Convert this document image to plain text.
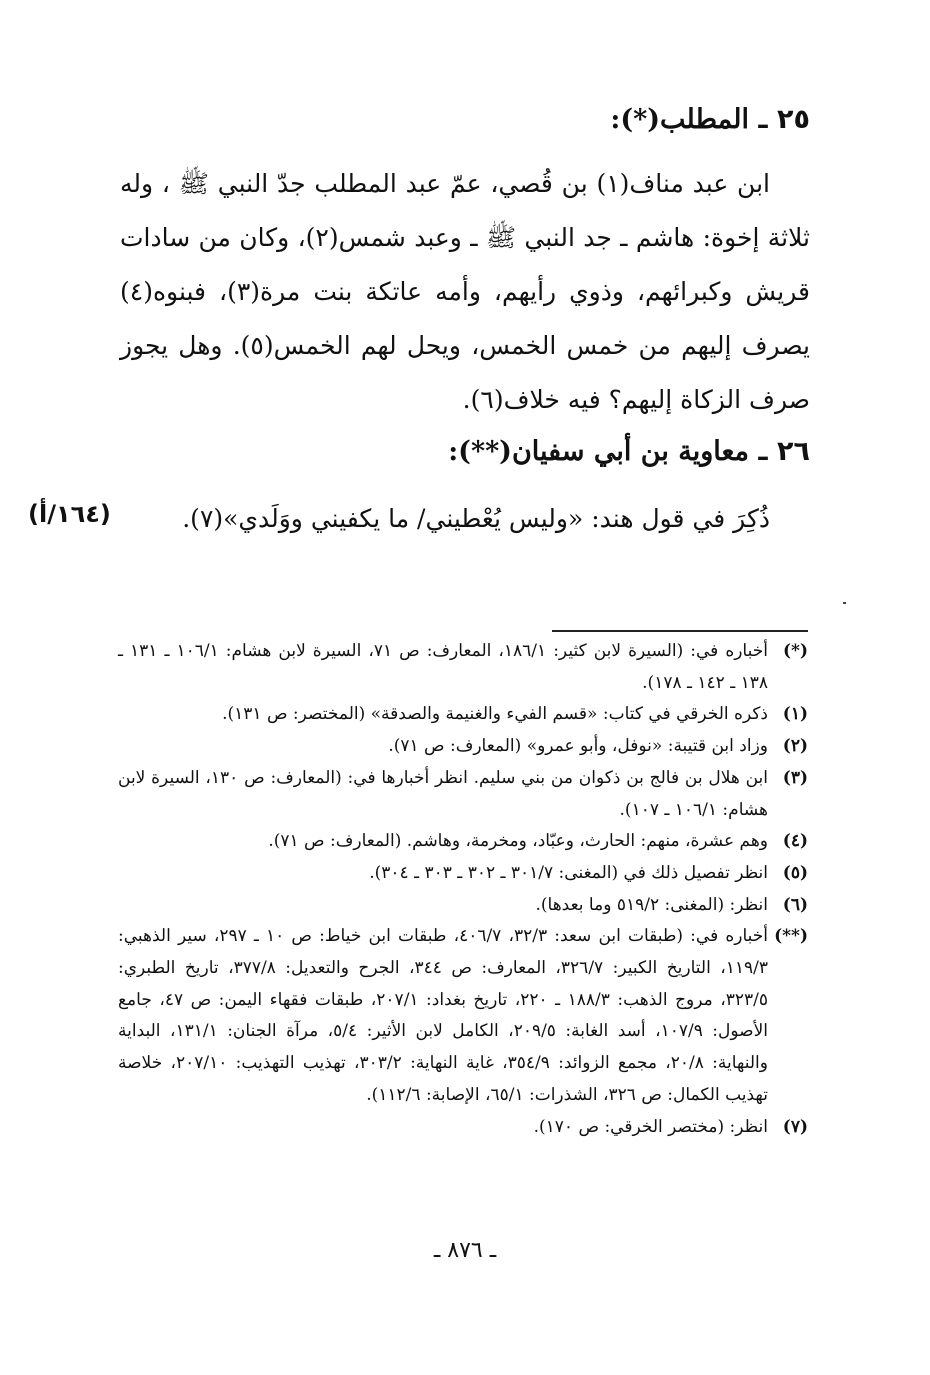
٢٥ ـ المطلب(*):

ابن عبد مناف(١) بن قُصي، عمّ عبد المطلب جدّ النبي ﷺ ، وله ثلاثة إخوة: هاشم ـ جد النبي ﷺ ـ وعبد شمس(٢)، وكان من سادات قريش وكبرائهم، وذوي رأيهم، وأمه عاتكة بنت مرة(٣)، فبنوه(٤) يصرف إليهم من خمس الخمس، ويحل لهم الخمس(٥). وهل يجوز صرف الزكاة إليهم؟ فيه خلاف(٦).

٢٦ ـ معاوية بن أبي سفيان(**):

ذُكِرَ في قول هند: «وليس يُعْطيني/ ما يكفيني ووَلَدي»(٧).

(١٦٤/أ)
(*)
أخباره في: (السيرة لابن كثير: ١٨٦/١، المعارف: ص ٧١، السيرة لابن هشام: ١٠٦/١ ـ ١٣١ ـ ١٣٨ ـ ١٤٢ ـ ١٧٨).
(١)
ذكره الخرقي في كتاب: «قسم الفيء والغنيمة والصدقة» (المختصر: ص ١٣١).
(٢)
وزاد ابن قتيبة: «نوفل، وأبو عمرو» (المعارف: ص ٧١).
(٣)
ابن هلال بن فالج بن ذكوان من بني سليم. انظر أخبارها في: (المعارف: ص ١٣٠، السيرة لابن هشام: ١٠٦/١ ـ ١٠٧).
(٤)
وهم عشرة، منهم: الحارث، وعبّاد، ومخرمة، وهاشم. (المعارف: ص ٧١).
(٥)
انظر تفصيل ذلك في (المغنى: ٣٠١/٧ ـ ٣٠٢ ـ ٣٠٣ ـ ٣٠٤).
(٦)
انظر: (المغنى: ٥١٩/٢ وما بعدها).
(**)
أخباره في: (طبقات ابن سعد: ٣٢/٣، ٤٠٦/٧، طبقات ابن خياط: ص ١٠ ـ ٢٩٧، سير الذهبي: ١١٩/٣، التاريخ الكبير: ٣٢٦/٧، المعارف: ص ٣٤٤، الجرح والتعديل: ٣٧٧/٨، تاريخ الطبري: ٣٢٣/٥، مروج الذهب: ١٨٨/٣ ـ ٢٢٠، تاريخ بغداد: ٢٠٧/١، طبقات فقهاء اليمن: ص ٤٧، جامع الأصول: ١٠٧/٩، أسد الغابة: ٢٠٩/٥، الكامل لابن الأثير: ٥/٤، مرآة الجنان: ١٣١/١، البداية والنهاية: ٢٠/٨، مجمع الزوائد: ٣٥٤/٩، غاية النهاية: ٣٠٣/٢، تهذيب التهذيب: ٢٠٧/١٠، خلاصة تهذيب الكمال: ص ٣٢٦، الشذرات: ٦٥/١، الإصابة: ١١٢/٦).
(٧)
انظر: (مختصر الخرقي: ص ١٧٠).
ـ ٨٧٦ ـ
